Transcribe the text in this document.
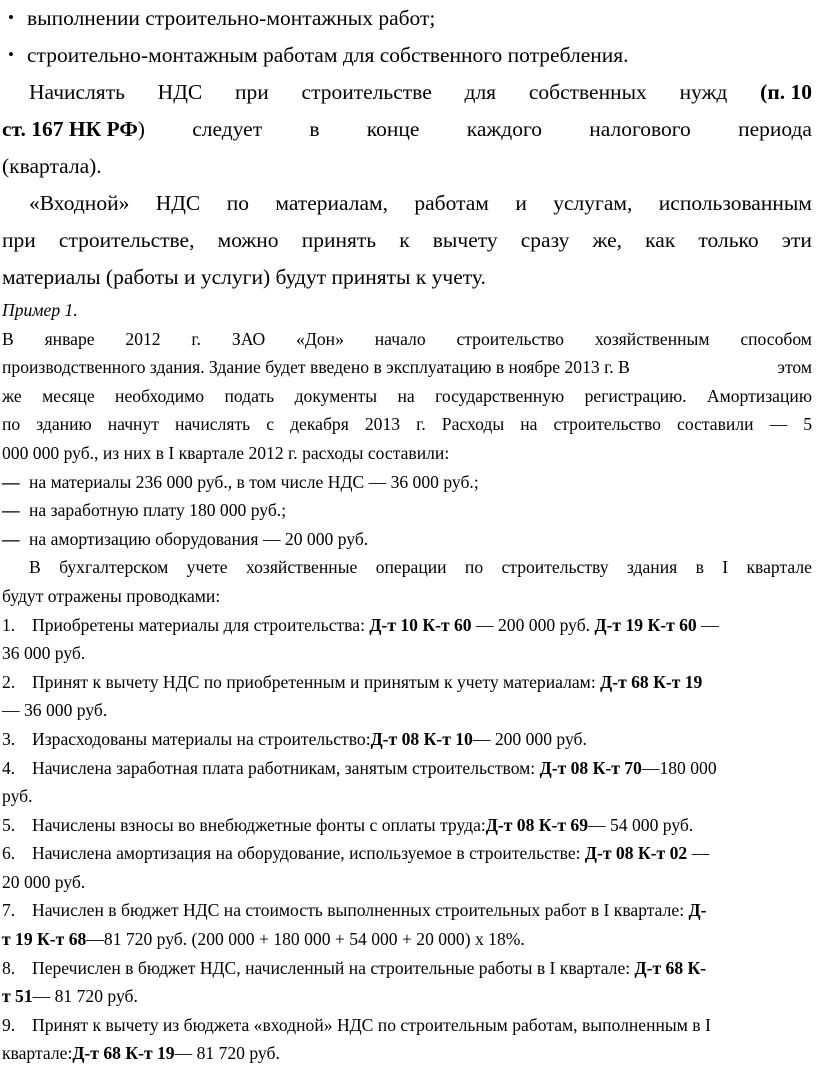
• выполнении строительно-монтажных работ;
• строительно-монтажным работам для собственного потребления.
Начислять НДС при строительстве для собственных нужд (п. 10
ст. 167 НК РФ) следует в конце каждого налогового периода
(квартала).
«Входной» НДС по материалам, работам и услугам, использованным
при строительстве, можно принять к вычету сразу же, как только эти
материалы (работы и услуги) будут приняты к учету.
Пример 1.
В январе 2012 г. ЗАО «Дон» начало строительство хозяйственным способом
производственного здания. Здание будет введено в эксплуатацию в ноябре 2013 г. В	этом
же месяце необходимо подать документы на государственную регистрацию. Амортизацию
по зданию начнут начислять с декабря 2013 г. Расходы на строительство составили — 5
000 000 руб., из них в I квартале 2012 г. расходы составили:
— на материалы 236 000 руб., в том числе НДС — 36 000 руб.;
— на заработную плату 180 000 руб.;
— на амортизацию оборудования — 20 000 руб.
В бухгалтерском учете хозяйственные операции по строительству здания в I квартале
будут отражены проводками:
1. Приобретены материалы для строительства: Д-т 10 К-т 60 — 200 000 руб. Д-т 19 К-т 60 —
36 000 руб.
2. Принят к вычету НДС по приобретенным и принятым к учету материалам: Д-т 68 К-т 19
— 36 000 руб.
3. Израсходованы материалы на строительство:Д-т 08 К-т 10— 200 000 руб.
4. Начислена заработная плата работникам, занятым строительством: Д-т 08 К-т 70—180 000
руб.
5. Начислены взносы во внебюджетные фонты с оплаты труда:Д-т 08 К-т 69— 54 000 руб.
6. Начислена амортизация на оборудование, используемое в строительстве: Д-т 08 К-т 02 —
20 000 руб.
7. Начислен в бюджет НДС на стоимость выполненных строительных работ в I квартале: Д-
т 19 К-т 68—81 720 руб. (200 000 + 180 000 + 54 000 + 20 000) x 18%.
8. Перечислен в бюджет НДС, начисленный на строительные работы в I квартале: Д-т 68 К-
т 51— 81 720 руб.
9. Принят к вычету из бюджета «входной» НДС по строительным работам, выполненным в I
квартале:Д-т 68 К-т 19— 81 720 руб.
